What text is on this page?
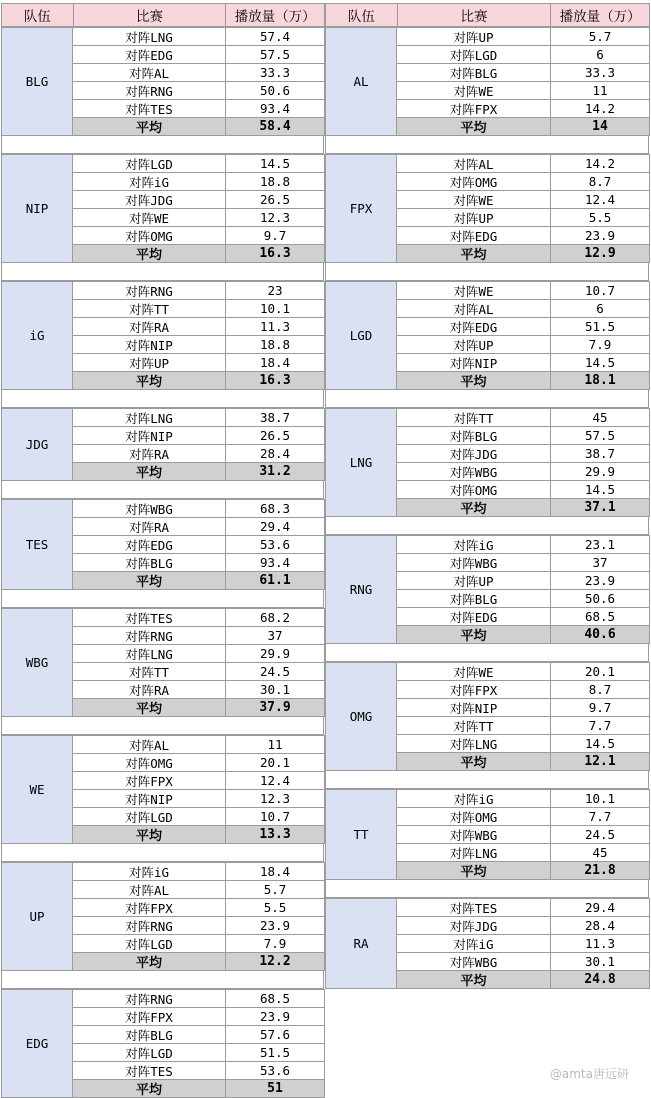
队伍	比赛	播放量（万）
BLG
对阵LNG	57.4
对阵EDG	57.5
对阵AL	33.3
对阵RNG	50.6
对阵TES	93.4
平均	58.4
NIP
对阵LGD	14.5
对阵iG	18.8
对阵JDG	26.5
对阵WE	12.3
对阵OMG	9.7
平均	16.3
iG
对阵RNG	23
对阵TT	10.1
对阵RA	11.3
对阵NIP	18.8
对阵UP	18.4
平均	16.3
JDG
对阵LNG	38.7
对阵NIP	26.5
对阵RA	28.4
平均	31.2
TES
对阵WBG	68.3
对阵RA	29.4
对阵EDG	53.6
对阵BLG	93.4
平均	61.1
WBG
对阵TES	68.2
对阵RNG	37
对阵LNG	29.9
对阵TT	24.5
对阵RA	30.1
平均	37.9
WE
对阵AL	11
对阵OMG	20.1
对阵FPX	12.4
对阵NIP	12.3
对阵LGD	10.7
平均	13.3
UP
对阵iG	18.4
对阵AL	5.7
对阵FPX	5.5
对阵RNG	23.9
对阵LGD	7.9
平均	12.2
EDG
对阵RNG	68.5
对阵FPX	23.9
对阵BLG	57.6
对阵LGD	51.5
对阵TES	53.6
平均	51
队伍	比赛	播放量（万）
AL
对阵UP	5.7
对阵LGD	6
对阵BLG	33.3
对阵WE	11
对阵FPX	14.2
平均	14
FPX
对阵AL	14.2
对阵OMG	8.7
对阵WE	12.4
对阵UP	5.5
对阵EDG	23.9
平均	12.9
LGD
对阵WE	10.7
对阵AL	6
对阵EDG	51.5
对阵UP	7.9
对阵NIP	14.5
平均	18.1
LNG
对阵TT	45
对阵BLG	57.5
对阵JDG	38.7
对阵WBG	29.9
对阵OMG	14.5
平均	37.1
RNG
对阵iG	23.1
对阵WBG	37
对阵UP	23.9
对阵BLG	50.6
对阵EDG	68.5
平均	40.6
OMG
对阵WE	20.1
对阵FPX	8.7
对阵NIP	9.7
对阵TT	7.7
对阵LNG	14.5
平均	12.1
TT
对阵iG	10.1
对阵OMG	7.7
对阵WBG	24.5
对阵LNG	45
平均	21.8
RA
对阵TES	29.4
对阵JDG	28.4
对阵iG	11.3
对阵WBG	30.1
平均	24.8
@amta唐远研
